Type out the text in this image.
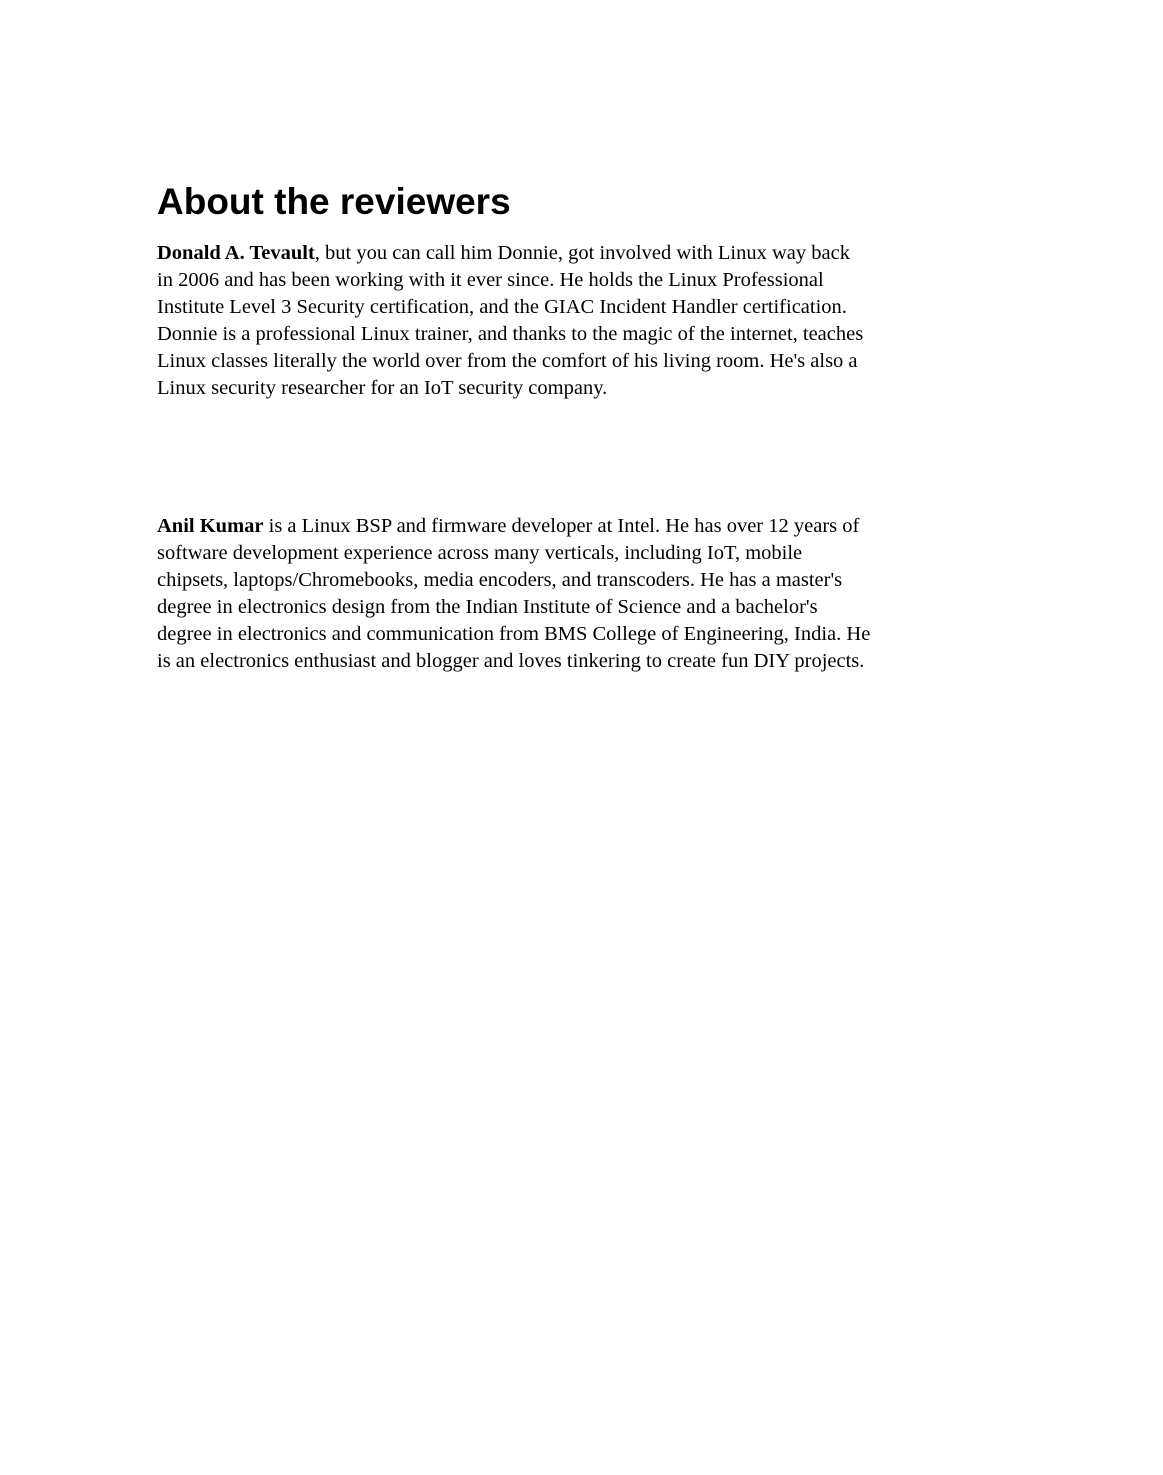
About the reviewers

Donald A. Tevault, but you can call him Donnie, got involved with Linux way back
in 2006 and has been working with it ever since. He holds the Linux Professional
Institute Level 3 Security certification, and the GIAC Incident Handler certification.
Donnie is a professional Linux trainer, and thanks to the magic of the internet, teaches
Linux classes literally the world over from the comfort of his living room. He's also a
Linux security researcher for an IoT security company.

Anil Kumar is a Linux BSP and firmware developer at Intel. He has over 12 years of
software development experience across many verticals, including IoT, mobile
chipsets, laptops/Chromebooks, media encoders, and transcoders. He has a master's
degree in electronics design from the Indian Institute of Science and a bachelor's
degree in electronics and communication from BMS College of Engineering, India. He
is an electronics enthusiast and blogger and loves tinkering to create fun DIY projects.
